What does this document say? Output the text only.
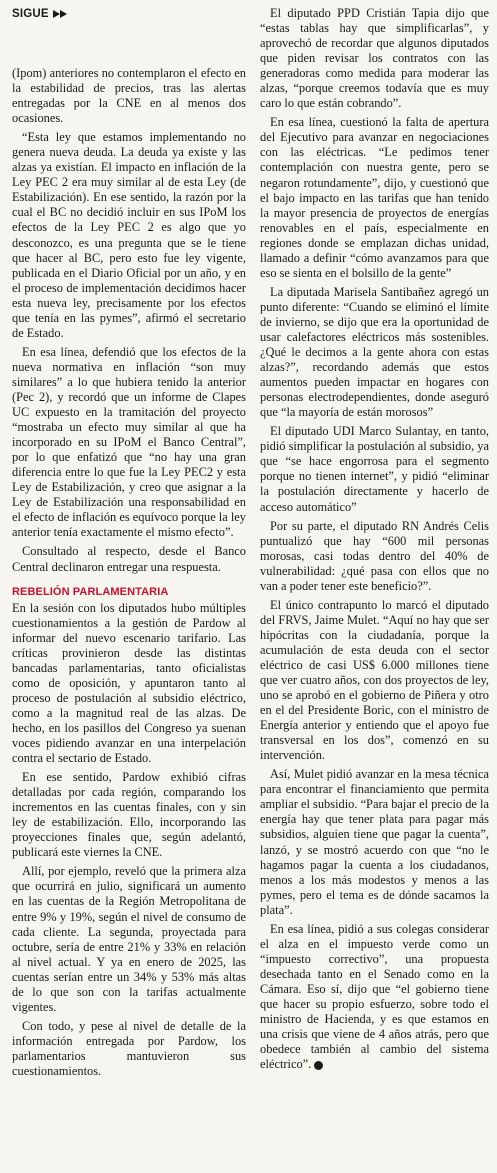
SIGUE

(Ipom) anteriores no contemplaron el efecto en la estabilidad de precios, tras las alertas entregadas por la CNE en al menos dos ocasiones.

“Esta ley que estamos implementando no genera nueva deuda. La deuda ya existe y las alzas ya existían. El impacto en inflación de la Ley PEC 2 era muy similar al de esta Ley (de Estabilización). En ese sentido, la razón por la cual el BC no decidió incluir en sus IPoM los efectos de la Ley PEC 2 es algo que yo desconozco, es una pregunta que se le tiene que hacer al BC, pero esto fue ley vigente, publicada en el Diario Oficial por un año, y en el proceso de implementación decidimos hacer esta nueva ley, precisamente por los efectos que tenía en las pymes”, afirmó el secretario de Estado.

En esa línea, defendió que los efectos de la nueva normativa en inflación “son muy similares” a lo que hubiera tenido la anterior (Pec 2), y recordó que un informe de Clapes UC expuesto en la tramitación del proyecto “mostraba un efecto muy similar al que ha incorporado en su IPoM el Banco Central”, por lo que enfatizó que “no hay una gran diferencia entre lo que fue la Ley PEC2 y esta Ley de Estabilización, y creo que asignar a la Ley de Estabilización una responsabilidad en el efecto de inflación es equívoco porque la ley anterior tenía exactamente el mismo efecto”.

Consultado al respecto, desde el Banco Central declinaron entregar una respuesta.

REBELIÓN PARLAMENTARIA

En la sesión con los diputados hubo múltiples cuestionamientos a la gestión de Pardow al informar del nuevo escenario tarifario. Las críticas provinieron desde las distintas bancadas parlamentarias, tanto oficialistas como de oposición, y apuntaron tanto al proceso de postulación al subsidio eléctrico, como a la magnitud real de las alzas. De hecho, en los pasillos del Congreso ya suenan voces pidiendo avanzar en una interpelación contra el sectario de Estado.

En ese sentido, Pardow exhibió cifras detalladas por cada región, comparando los incrementos en las cuentas finales, con y sin ley de estabilización. Ello, incorporando las proyecciones finales que, según adelantó, publicará este viernes la CNE.

Allí, por ejemplo, reveló que la primera alza que ocurrirá en julio, significará un aumento en las cuentas de la Región Metropolitana de entre 9% y 19%, según el nivel de consumo de cada cliente. La segunda, proyectada para octubre, sería de entre 21% y 33% en relación al nivel actual. Y ya en enero de 2025, las cuentas serían entre un 34% y 53% más altas de lo que son con la tarifas actualmente vigentes.

Con todo, y pese al nivel de detalle de la información entregada por Pardow, los parlamentarios mantuvieron sus cuestionamientos.

El diputado PPD Cristián Tapia dijo que “estas tablas hay que simplificarlas”, y aprovechó de recordar que algunos diputados que piden revisar los contratos con las generadoras como medida para moderar las alzas, “porque creemos todavía que es muy caro lo que están cobrando”.

En esa línea, cuestionó la falta de apertura del Ejecutivo para avanzar en negociaciones con las eléctricas. “Le pedimos tener contemplación con nuestra gente, pero se negaron rotundamente”, dijo, y cuestionó que el bajo impacto en las tarifas que han tenido la mayor presencia de proyectos de energías renovables en el país, especialmente en regiones donde se emplazan dichas unidad, llamado a definir “cómo avanzamos para que eso se sienta en el bolsillo de la gente”

La diputada Marisela Santibañez agregó un punto diferente: “Cuando se eliminó el límite de invierno, se dijo que era la oportunidad de usar calefactores eléctricos más sostenibles. ¿Qué le decimos a la gente ahora con estas alzas?”, recordando además que estos aumentos pueden impactar en hogares con personas electrodependientes, donde aseguró que “la mayoría de están morosos”

El diputado UDI Marco Sulantay, en tanto, pidió simplificar la postulación al subsidio, ya que “se hace engorrosa para el segmento porque no tienen internet”, y pidió “eliminar la postulación directamente y hacerlo de acceso automático”

Por su parte, el diputado RN Andrés Celis puntualizó que hay “600 mil personas morosas, casi todas dentro del 40% de vulnerabilidad: ¿qué pasa con ellos que no van a poder tener este beneficio?”.

El único contrapunto lo marcó el diputado del FRVS, Jaime Mulet. “Aquí no hay que ser hipócritas con la ciudadanía, porque la acumulación de esta deuda con el sector eléctrico de casi US$ 6.000 millones tiene que ver cuatro años, con dos proyectos de ley, uno se aprobó en el gobierno de Piñera y otro en el del Presidente Boric, con el ministro de Energía anterior y entiendo que el apoyo fue transversal en los dos”, comenzó en su intervención.

Así, Mulet pidió avanzar en la mesa técnica para encontrar el financiamiento que permita ampliar el subsidio. “Para bajar el precio de la energía hay que tener plata para pagar más subsidios, alguien tiene que pagar la cuenta”, lanzó, y se mostró acuerdo con que “no le hagamos pagar la cuenta a los ciudadanos, menos a los más modestos y menos a las pymes, pero el tema es de dónde sacamos la plata”.

En esa línea, pidió a sus colegas considerar el alza en el impuesto verde como un “impuesto correctivo”, una propuesta desechada tanto en el Senado como en la Cámara. Eso sí, dijo que “el gobierno tiene que hacer su propio esfuerzo, sobre todo el ministro de Hacienda, y es que estamos en una crisis que viene de 4 años atrás, pero que obedece también al cambio del sistema eléctrico”. P
